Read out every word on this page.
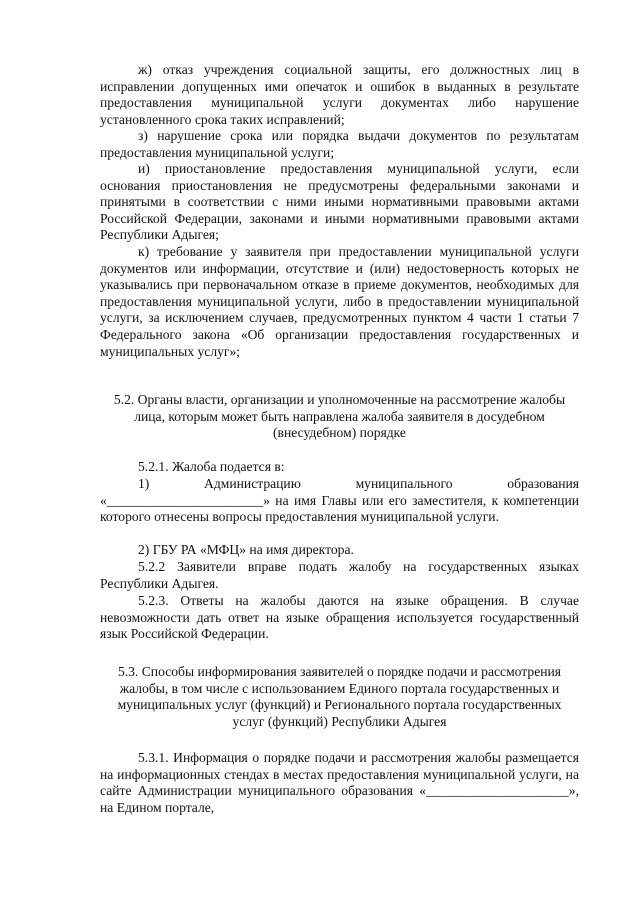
ж) отказ учреждения социальной защиты, его должностных лиц в исправлении допущенных ими опечаток и ошибок в выданных в результате предоставления муниципальной услуги документах либо нарушение установленного срока таких исправлений;

з) нарушение срока или порядка выдачи документов по результатам предоставления муниципальной услуги;

и) приостановление предоставления муниципальной услуги, если основания приостановления не предусмотрены федеральными законами и принятыми в соответствии с ними иными нормативными правовыми актами Российской Федерации, законами и иными нормативными правовыми актами Республики Адыгея;

к) требование у заявителя при предоставлении муниципальной услуги документов или информации, отсутствие и (или) недостоверность которых не указывались при первоначальном отказе в приеме документов, необходимых для предоставления муниципальной услуги, либо в предоставлении муниципальной услуги, за исключением случаев, предусмотренных пунктом 4 части 1 статьи 7 Федерального закона «Об организации предоставления государственных и муниципальных услуг»;

5.2. Органы власти, организации и уполномоченные на рассмотрение жалобы лица, которым может быть направлена жалоба заявителя в досудебном (внесудебном) порядке

5.2.1. Жалоба подается в:

1) Администрацию муниципального образования «_______________________» на имя Главы или его заместителя, к компетенции которого отнесены вопросы предоставления муниципальной услуги.

2) ГБУ РА «МФЦ» на имя директора.

5.2.2 Заявители вправе подать жалобу на государственных языках Республики Адыгея.

5.2.3. Ответы на жалобы даются на языке обращения. В случае невозможности дать ответ на языке обращения используется государственный язык Российской Федерации.

5.3. Способы информирования заявителей о порядке подачи и рассмотрения жалобы, в том числе с использованием Единого портала государственных и муниципальных услуг (функций) и Регионального портала государственных услуг (функций) Республики Адыгея

5.3.1. Информация о порядке подачи и рассмотрения жалобы размещается на информационных стендах в местах предоставления муниципальной услуги, на сайте Администрации муниципального образования «_____________________», на Едином портале,
